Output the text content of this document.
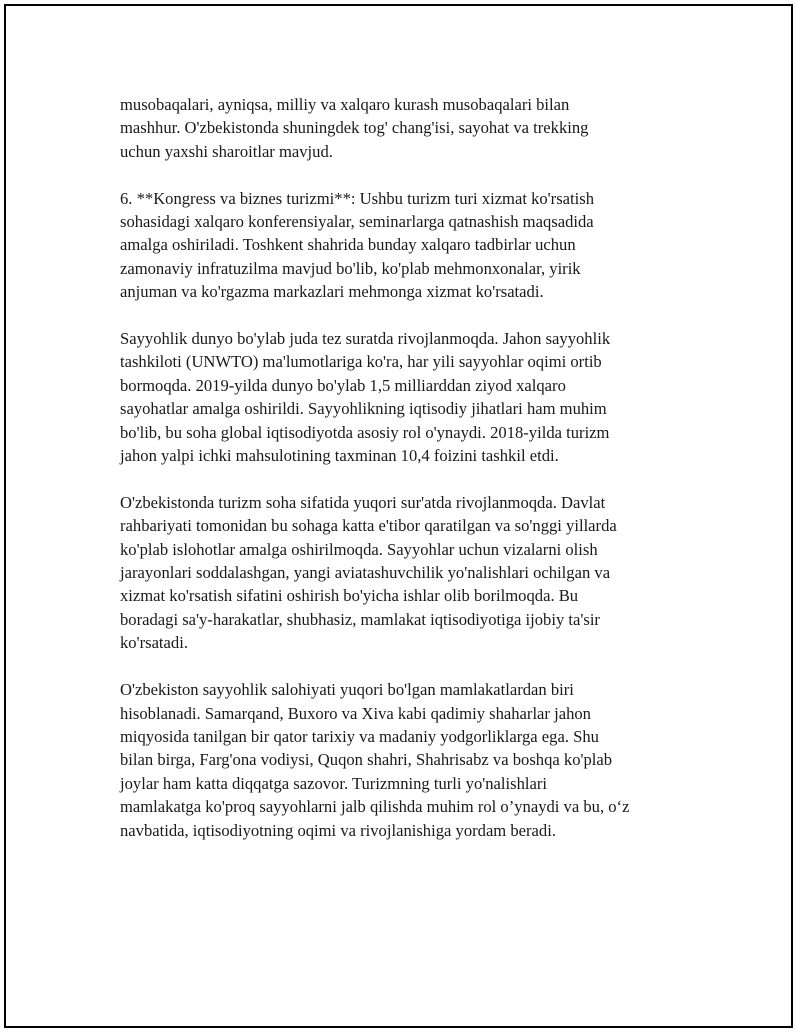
musobaqalari, ayniqsa, milliy va xalqaro kurash musobaqalari bilan
mashhur. O'zbekistonda shuningdek tog' chang'isi, sayohat va trekking
uchun yaxshi sharoitlar mavjud.

6. **Kongress va biznes turizmi**: Ushbu turizm turi xizmat ko'rsatish
sohasidagi xalqaro konferensiyalar, seminarlarga qatnashish maqsadida
amalga oshiriladi. Toshkent shahrida bunday xalqaro tadbirlar uchun
zamonaviy infratuzilma mavjud bo'lib, ko'plab mehmonxonalar, yirik
anjuman va ko'rgazma markazlari mehmonga xizmat ko'rsatadi.

Sayyohlik dunyo bo'ylab juda tez suratda rivojlanmoqda. Jahon sayyohlik
tashkiloti (UNWTO) ma'lumotlariga ko'ra, har yili sayyohlar oqimi ortib
bormoqda. 2019-yilda dunyo bo'ylab 1,5 milliarddan ziyod xalqaro
sayohatlar amalga oshirildi. Sayyohlikning iqtisodiy jihatlari ham muhim
bo'lib, bu soha global iqtisodiyotda asosiy rol o'ynaydi. 2018-yilda turizm
jahon yalpi ichki mahsulotining taxminan 10,4 foizini tashkil etdi.

O'zbekistonda turizm soha sifatida yuqori sur'atda rivojlanmoqda. Davlat
rahbariyati tomonidan bu sohaga katta e'tibor qaratilgan va so'nggi yillarda
ko'plab islohotlar amalga oshirilmoqda. Sayyohlar uchun vizalarni olish
jarayonlari soddalashgan, yangi aviatashuvchilik yo'nalishlari ochilgan va
xizmat ko'rsatish sifatini oshirish bo'yicha ishlar olib borilmoqda. Bu
boradagi sa'y-harakatlar, shubhasiz, mamlakat iqtisodiyotiga ijobiy ta'sir
ko'rsatadi.

O'zbekiston sayyohlik salohiyati yuqori bo'lgan mamlakatlardan biri
hisoblanadi. Samarqand, Buxoro va Xiva kabi qadimiy shaharlar jahon
miqyosida tanilgan bir qator tarixiy va madaniy yodgorliklarga ega. Shu
bilan birga, Farg'ona vodiysi, Quqon shahri, Shahrisabz va boshqa ko'plab
joylar ham katta diqqatga sazovor. Turizmning turli yo'nalishlari
mamlakatga ko'proq sayyohlarni jalb qilishda muhim rol o’ynaydi va bu, o‘z
navbatida, iqtisodiyotning oqimi va rivojlanishiga yordam beradi.
